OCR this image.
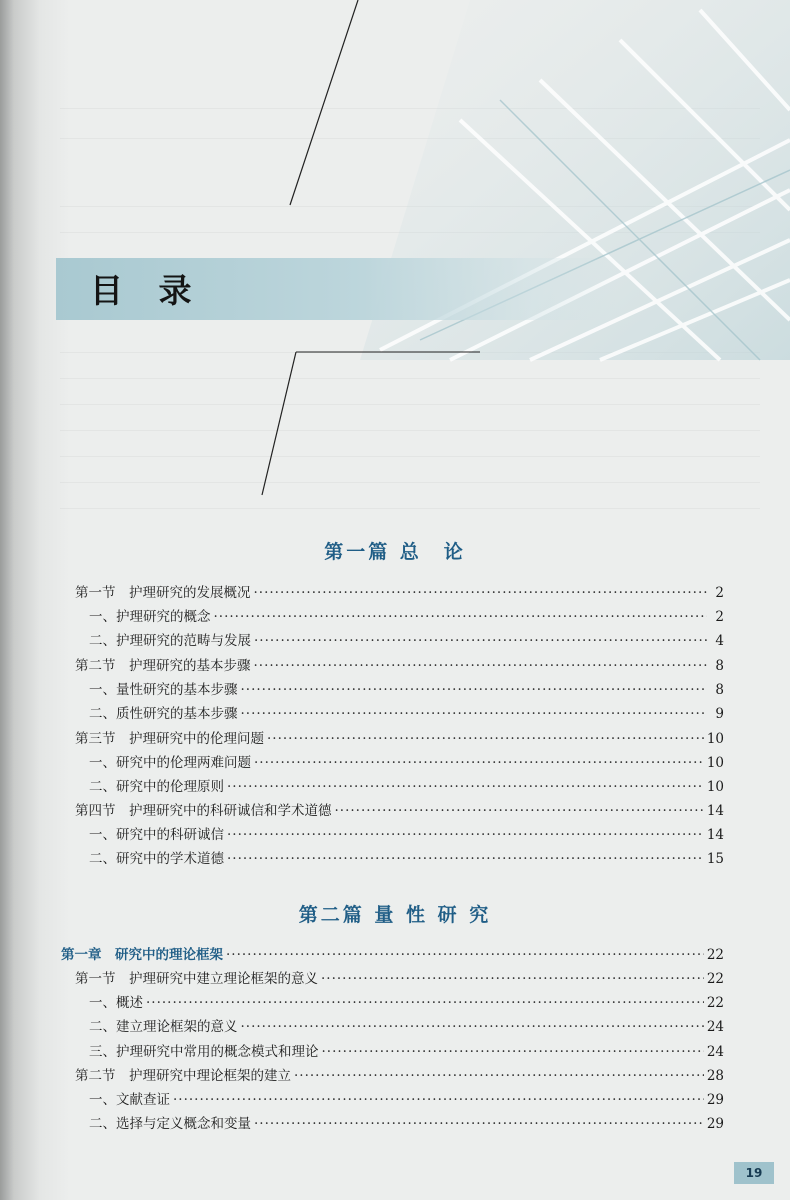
目 录
第一篇 总　论
第二篇 量 性 研 究
第一节　护理研究的发展概况 ·····	2
一、护理研究的概念 ·····	2
二、护理研究的范畴与发展 ·····	4
第二节　护理研究的基本步骤 ·····	8
一、量性研究的基本步骤 ·····	8
二、质性研究的基本步骤 ·····	9
第三节　护理研究中的伦理问题 ·····	10
一、研究中的伦理两难问题 ·····	10
二、研究中的伦理原则 ·····	10
第四节　护理研究中的科研诚信和学术道德 ·····	14
一、研究中的科研诚信 ·····	14
二、研究中的学术道德 ·····	15
第一章　研究中的理论框架 ·····	22
第一节　护理研究中建立理论框架的意义 ·····	22
一、概述 ·····	22
二、建立理论框架的意义 ·····	24
三、护理研究中常用的概念模式和理论 ·····	24
第二节　护理研究中理论框架的建立 ·····	28
一、文献查证 ·····	29
二、选择与定义概念和变量 ·····	29
19
